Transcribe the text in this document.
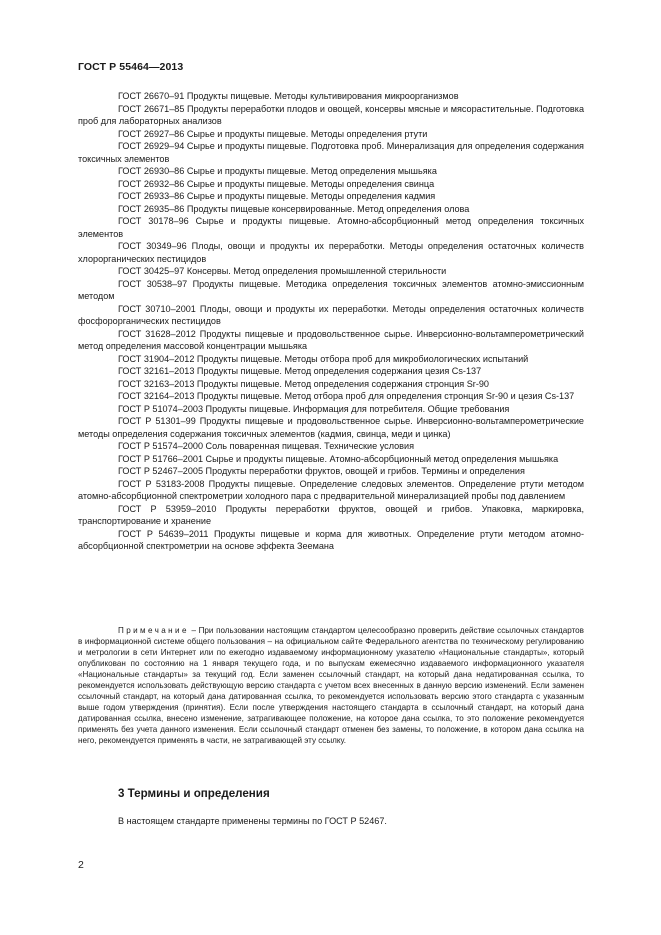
ГОСТ Р 55464—2013

ГОСТ 26670–91 Продукты пищевые. Методы культивирования микроорганизмов

ГОСТ 26671–85 Продукты переработки плодов и овощей, консервы мясные и мясорастительные. Подготовка проб для лабораторных анализов

ГОСТ 26927–86 Сырье и продукты пищевые. Методы определения ртути

ГОСТ 26929–94 Сырье и продукты пищевые. Подготовка проб. Минерализация для определения содержания токсичных элементов

ГОСТ 26930–86 Сырье и продукты пищевые. Метод определения мышьяка

ГОСТ 26932–86 Сырье и продукты пищевые. Методы определения свинца

ГОСТ 26933–86 Сырье и продукты пищевые. Методы определения кадмия

ГОСТ 26935–86 Продукты пищевые консервированные. Метод определения олова

ГОСТ 30178–96 Сырье и продукты пищевые. Атомно-абсорбционный метод определения токсичных элементов

ГОСТ 30349–96 Плоды, овощи и продукты их переработки. Методы определения остаточных количеств хлорорганических пестицидов

ГОСТ 30425–97 Консервы. Метод определения промышленной стерильности

ГОСТ 30538–97 Продукты пищевые. Методика определения токсичных элементов атомно-эмиссионным методом

ГОСТ 30710–2001 Плоды, овощи и продукты их переработки. Методы определения остаточных количеств фосфорорганических пестицидов

ГОСТ 31628–2012 Продукты пищевые и продовольственное сырье. Инверсионно-вольтамперометрический метод определения массовой концентрации мышьяка

ГОСТ 31904–2012 Продукты пищевые. Методы отбора проб для микробиологических испытаний

ГОСТ 32161–2013 Продукты пищевые. Метод определения содержания цезия Cs-137

ГОСТ 32163–2013 Продукты пищевые. Метод определения содержания стронция Sr-90

ГОСТ 32164–2013 Продукты пищевые. Метод отбора проб для определения стронция Sr-90 и цезия Cs-137

ГОСТ Р 51074–2003 Продукты пищевые. Информация для потребителя. Общие требования

ГОСТ Р 51301–99 Продукты пищевые и продовольственное сырье. Инверсионно-вольтамперометрические методы определения содержания токсичных элементов (кадмия, свинца, меди и цинка)

ГОСТ Р 51574–2000 Соль поваренная пищевая. Технические условия

ГОСТ Р 51766–2001 Сырье и продукты пищевые. Атомно-абсорбционный метод определения мышьяка

ГОСТ Р 52467–2005 Продукты переработки фруктов, овощей и грибов. Термины и определения

ГОСТ Р 53183-2008 Продукты пищевые. Определение следовых элементов. Определение ртути методом атомно-абсорбционной спектрометрии холодного пара с предварительной минерализацией пробы под давлением

ГОСТ Р 53959–2010 Продукты переработки фруктов, овощей и грибов. Упаковка, маркировка, транспортирование и хранение

ГОСТ Р 54639–2011 Продукты пищевые и корма для животных. Определение ртути методом атомно-абсорбционной спектрометрии на основе эффекта Зеемана

Примечание – При пользовании настоящим стандартом целесообразно проверить действие ссылочных стандартов в информационной системе общего пользования – на официальном сайте Федерального агентства по техническому регулированию и метрологии в сети Интернет или по ежегодно издаваемому информационному указателю «Национальные стандарты», который опубликован по состоянию на 1 января текущего года, и по выпускам ежемесячно издаваемого информационного указателя «Национальные стандарты» за текущий год. Если заменен ссылочный стандарт, на который дана недатированная ссылка, то рекомендуется использовать действующую версию стандарта с учетом всех внесенных в данную версию изменений. Если заменен ссылочный стандарт, на который дана датированная ссылка, то рекомендуется использовать версию этого стандарта с указанным выше годом утверждения (принятия). Если после утверждения настоящего стандарта в ссылочный стандарт, на который дана датированная ссылка, внесено изменение, затрагивающее положение, на которое дана ссылка, то это положение рекомендуется применять без учета данного изменения. Если ссылочный стандарт отменен без замены, то положение, в котором дана ссылка на него, рекомендуется применять в части, не затрагивающей эту ссылку.

3 Термины и определения

В настоящем стандарте применены термины по ГОСТ Р 52467.

2
